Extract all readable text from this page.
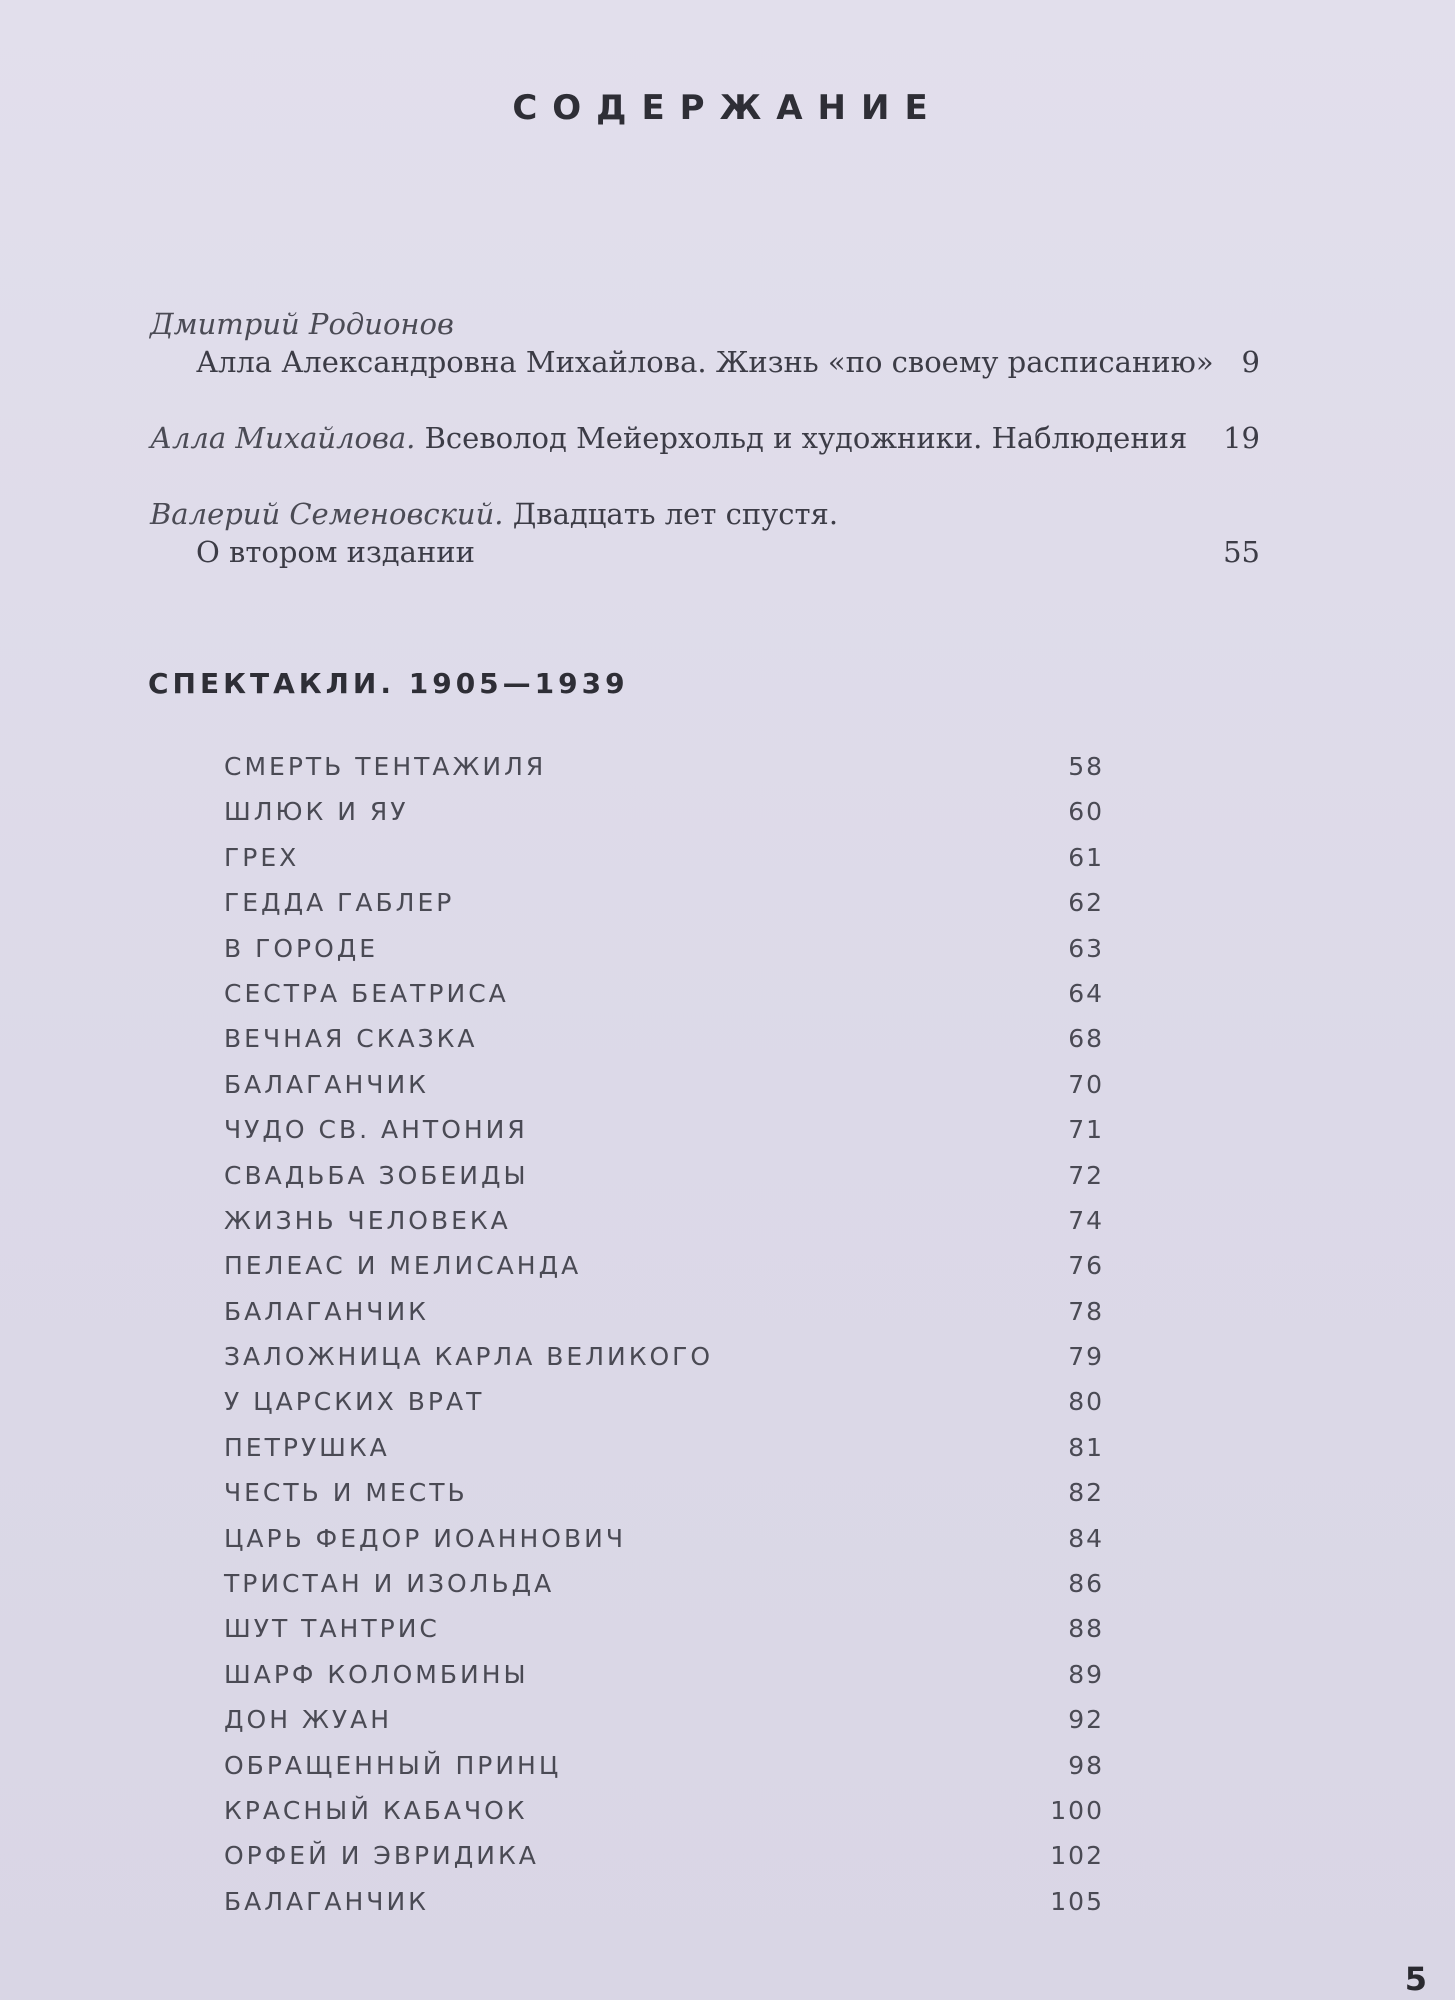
СОДЕРЖАНИЕ
Дмитрий Родионов
Алла Александровна Михайлова. Жизнь «по своему расписанию» 9
Алла Михайлова. Всеволод Мейерхольд и художники. Наблюдения 19
Валерий Семеновский. Двадцать лет спустя.
О втором издании	55
СПЕКТАКЛИ. 1905—1939
СМЕРТЬ ТЕНТАЖИЛЯ	58
ШЛЮК И ЯУ	60
ГРЕХ	61
ГЕДДА ГАБЛЕР	62
В ГОРОДЕ	63
СЕСТРА БЕАТРИСА	64
ВЕЧНАЯ СКАЗКА	68
БАЛАГАНЧИК	70
ЧУДО СВ. АНТОНИЯ	71
СВАДЬБА ЗОБЕИДЫ	72
ЖИЗНЬ ЧЕЛОВЕКА	74
ПЕЛЕАС И МЕЛИСАНДА	76
БАЛАГАНЧИК	78
ЗАЛОЖНИЦА КАРЛА ВЕЛИКОГО	79
У ЦАРСКИХ ВРАТ	80
ПЕТРУШКА	81
ЧЕСТЬ И МЕСТЬ	82
ЦАРЬ ФЕДОР ИОАННОВИЧ	84
ТРИСТАН И ИЗОЛЬДА	86
ШУТ ТАНТРИС	88
ШАРФ КОЛОМБИНЫ	89
ДОН ЖУАН	92
ОБРАЩЕННЫЙ ПРИНЦ	98
КРАСНЫЙ КАБАЧОК	100
ОРФЕЙ И ЭВРИДИКА	102
БАЛАГАНЧИК	105
5
